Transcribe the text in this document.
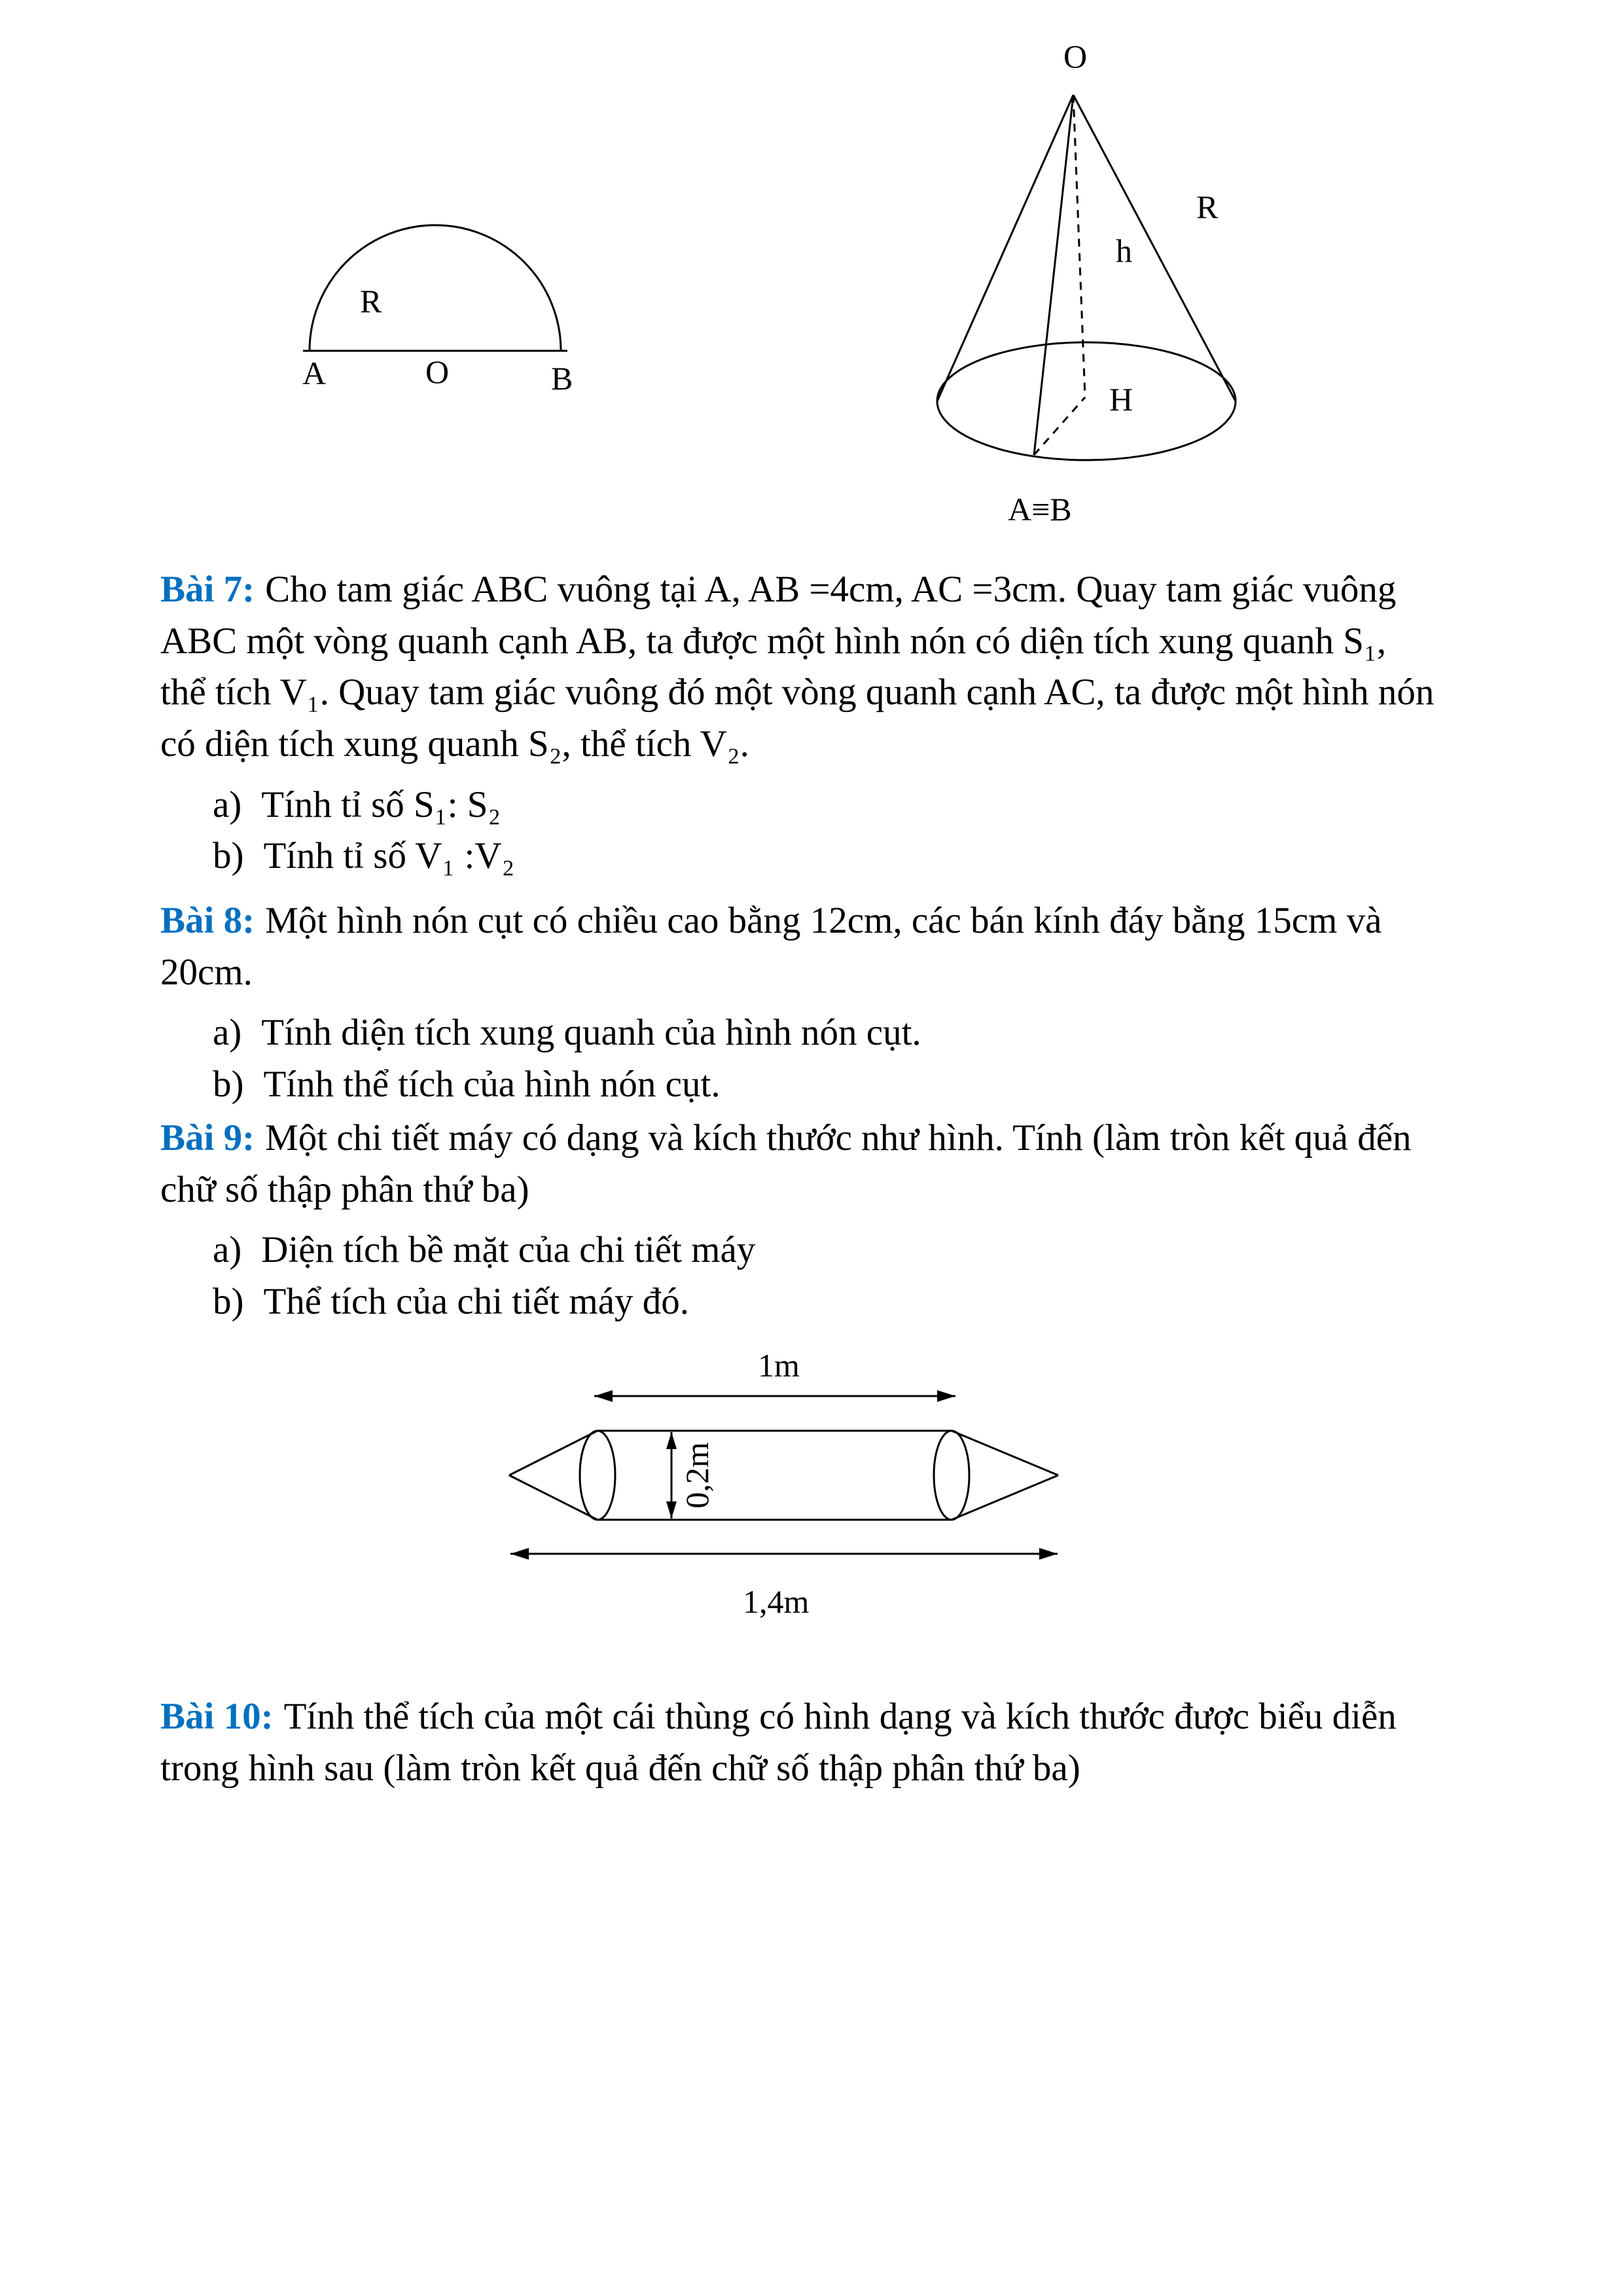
R
A	O	B
O
R
h
H
A≡B

Bài 7: Cho tam giác ABC vuông tại A, AB =4cm, AC =3cm. Quay tam giác vuông ABC một vòng quanh cạnh AB, ta được một hình nón có diện tích xung quanh S₁, thể tích V₁. Quay tam giác vuông đó một vòng quanh cạnh AC, ta được một hình nón có diện tích xung quanh S₂, thể tích V₂.

a) Tính tỉ số S₁: S₂
b) Tính tỉ số V₁ :V₂

Bài 8: Một hình nón cụt có chiều cao bằng 12cm, các bán kính đáy bằng 15cm và 20cm.

a) Tính diện tích xung quanh của hình nón cụt.
b) Tính thể tích của hình nón cụt.

Bài 9: Một chi tiết máy có dạng và kích thước như hình. Tính (làm tròn kết quả đến chữ số thập phân thứ ba)

a) Diện tích bề mặt của chi tiết máy
b) Thể tích của chi tiết máy đó.
1m
0,2m
1,4m

Bài 10: Tính thể tích của một cái thùng có hình dạng và kích thước được biểu diễn trong hình sau (làm tròn kết quả đến chữ số thập phân thứ ba)
